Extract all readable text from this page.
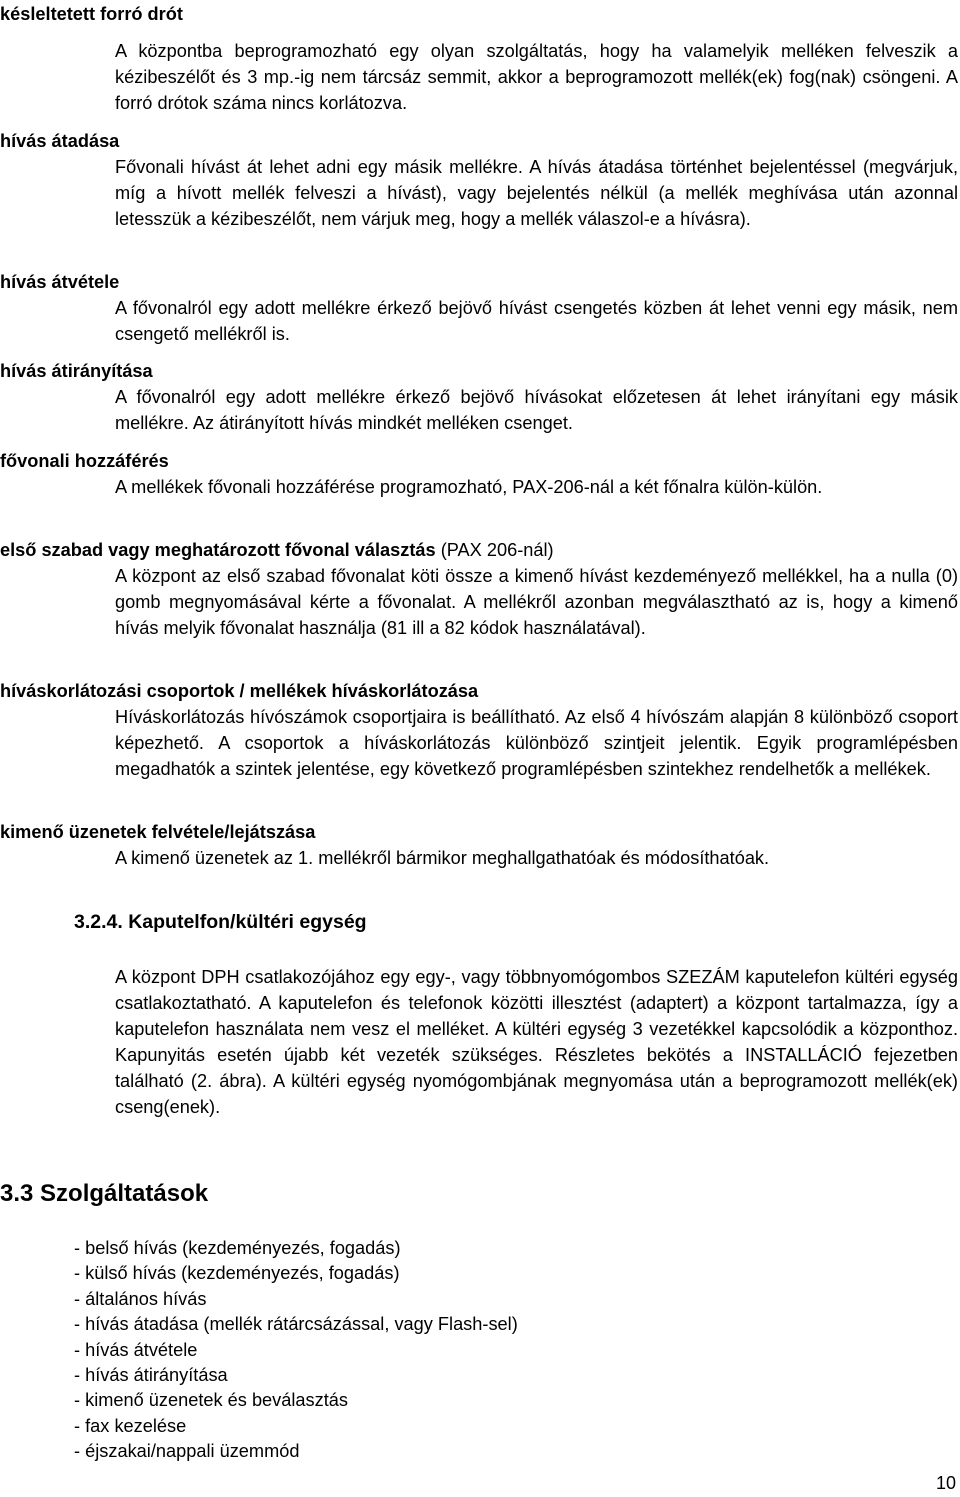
késleltetett forró drót
A központba beprogramozható egy olyan szolgáltatás, hogy ha valamelyik melléken felveszik a kézibeszélőt és 3 mp.-ig nem tárcsáz semmit, akkor a beprogramozott mellék(ek) fog(nak) csöngeni. A forró drótok száma nincs korlátozva.
hívás átadása
Fővonali hívást át lehet adni egy másik mellékre. A hívás átadása történhet bejelentéssel (megvárjuk, míg a hívott mellék felveszi a hívást), vagy bejelentés nélkül (a mellék meghívása után azonnal letesszük a kézibeszélőt, nem várjuk meg, hogy a mellék válaszol-e a hívásra).
hívás átvétele
A fővonalról egy adott mellékre érkező bejövő hívást csengetés közben át lehet venni egy másik, nem csengető mellékről is.
hívás átirányítása
A fővonalról egy adott mellékre érkező bejövő hívásokat előzetesen át lehet irányítani egy másik mellékre. Az átirányított hívás mindkét melléken csenget.
fővonali hozzáférés
A mellékek fővonali hozzáférése programozható, PAX-206-nál a két főnalra külön-külön.
első szabad vagy meghatározott fővonal választás (PAX 206-nál)
A központ az első szabad fővonalat köti össze a kimenő hívást kezdeményező mellékkel, ha a nulla (0) gomb megnyomásával kérte a fővonalat. A mellékről azonban megválasztható az is, hogy a kimenő hívás melyik fővonalat használja (81 ill a 82 kódok használatával).
híváskorlátozási csoportok / mellékek híváskorlátozása
Híváskorlátozás hívószámok csoportjaira is beállítható. Az első 4 hívószám alapján 8 különböző csoport képezhető. A csoportok a híváskorlátozás különböző szintjeit jelentik. Egyik programlépésben megadhatók a szintek jelentése, egy következő programlépésben szintekhez rendelhetők a mellékek.
kimenő üzenetek felvétele/lejátszása
A kimenő üzenetek az 1. mellékről bármikor meghallgathatóak és módosíthatóak.
3.2.4. Kaputelfon/kültéri egység
A központ DPH csatlakozójához egy egy-, vagy többnyomógombos SZEZÁM kaputelefon kültéri egység csatlakoztatható. A kaputelefon és telefonok közötti illesztést (adaptert) a központ tartalmazza, így a kaputelefon használata nem vesz el melléket. A kültéri egység 3 vezetékkel kapcsolódik a központhoz. Kapunyitás esetén újabb két vezeték szükséges. Részletes bekötés a INSTALLÁCIÓ fejezetben található (2. ábra). A kültéri egység nyomógombjának megnyomása után a beprogramozott mellék(ek) cseng(enek).
3.3 Szolgáltatások
- belső hívás (kezdeményezés, fogadás)
- külső hívás (kezdeményezés, fogadás)
- általános hívás
- hívás átadása (mellék rátárcsázással, vagy Flash-sel)
- hívás átvétele
- hívás átirányítása
- kimenő üzenetek és beválasztás
- fax kezelése
- éjszakai/nappali üzemmód
10
